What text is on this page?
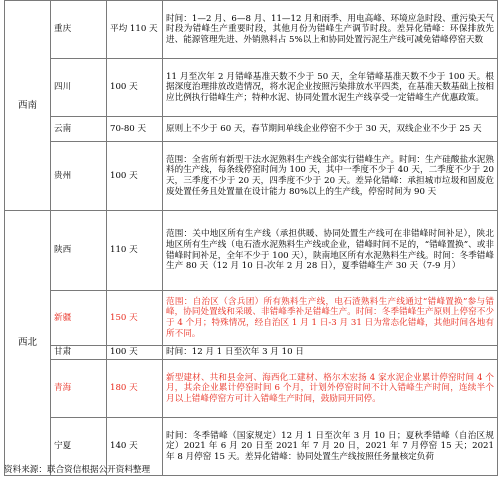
西南	重庆	平均 110 天	时间：1—2 月、6—8 月、11—12 月和雨季、用电高峰、环境应急时段、重污染天气时段为错峰生产重要时段，其他月份为错峰生产调节时段。差异化错峰：环保排放先进、能源管理先进、外销熟料占 5%以上和协同处置污泥生产线可减免错峰停窑天数
	四川	100 天	11 月至次年 2 月错峰基准天数不少于 50 天，全年错峰基准天数不少于 100 天。根据深度治理排放改造情况，将水泥企业按照污染排放水平四类，在基准天数基础上按相应比例执行错峰生产；特种水泥、协同处置水泥生产线享受一定错峰生产优惠政策。
	云南	70-80 天	原则上不少于 60 天，春节期间单线企业停窑不少于 30 天，双线企业不少于 25 天
	贵州	100 天	范围：全省所有新型干法水泥熟料生产线全部实行错峰生产。时间：生产硅酸盐水泥熟料的生产线，每条线停窑时间为 100 天，其中一季度不少于 40 天，二季度不少于 20 天，三季度不少于 20 天，四季度不少于 20 天。差异化错峰：承担城市垃圾和固废危废处置任务且处置量在设计能力 80%以上的生产线，停窑时间为 90 天
西北	陕西	110 天	范围：关中地区所有生产线（承担供暖、协同处置生产线可在非错峰时间补足），陕北地区所有生产线（电石渣水泥熟料生产线或企业，错峰时间不足的，“错峰置换”、或非错峰时间补足，全年不少于 100 天），陕南地区所有水泥熟料生产线。时间：冬季错峰生产 80 天（12 月 10 日-次年 2 月 28 日），夏季错峰生产 30 天（7-9 月）
	新疆	150 天	范围：自治区（含兵团）所有熟料生产线，电石渣熟料生产线通过“错峰置换”参与错峰，协同处置线和采暖、非错峰季补足错峰生产。时间：冬季错峰生产原则上停窑不少于 4 个月；特殊情况，经自治区 1 月 1 日-3 月 31 日为常态化错峰，其他时间各地有所不同。
	甘肃	100 天	时间：12 月 1 日至次年 3 月 10 日
	青海	180 天	新型建材、共和县金河、海西化工建材、格尔木宏扬 4 家水泥企业累计停窑时间 4 个月，其余企业累计停窑时间 6 个月，计划外停窑时间不计入错峰生产时间，连续半个月以上错峰停窑方可计入错峰生产时间，鼓励同开同停。
	宁夏	140 天	时间：冬季错峰（国家规定）12 月 1 日至次年 3 月 10 日；夏秋季错峰（自治区规定）2021 年 6 月 20 日至 2021 年 7 月 20 日，2021 年 7 月停窑 15 天；2021 年 8 月停窑 15 天。差异化错峰：协同处置生产线按照任务量核定负荷
资料来源：联合资信根据公开资料整理
